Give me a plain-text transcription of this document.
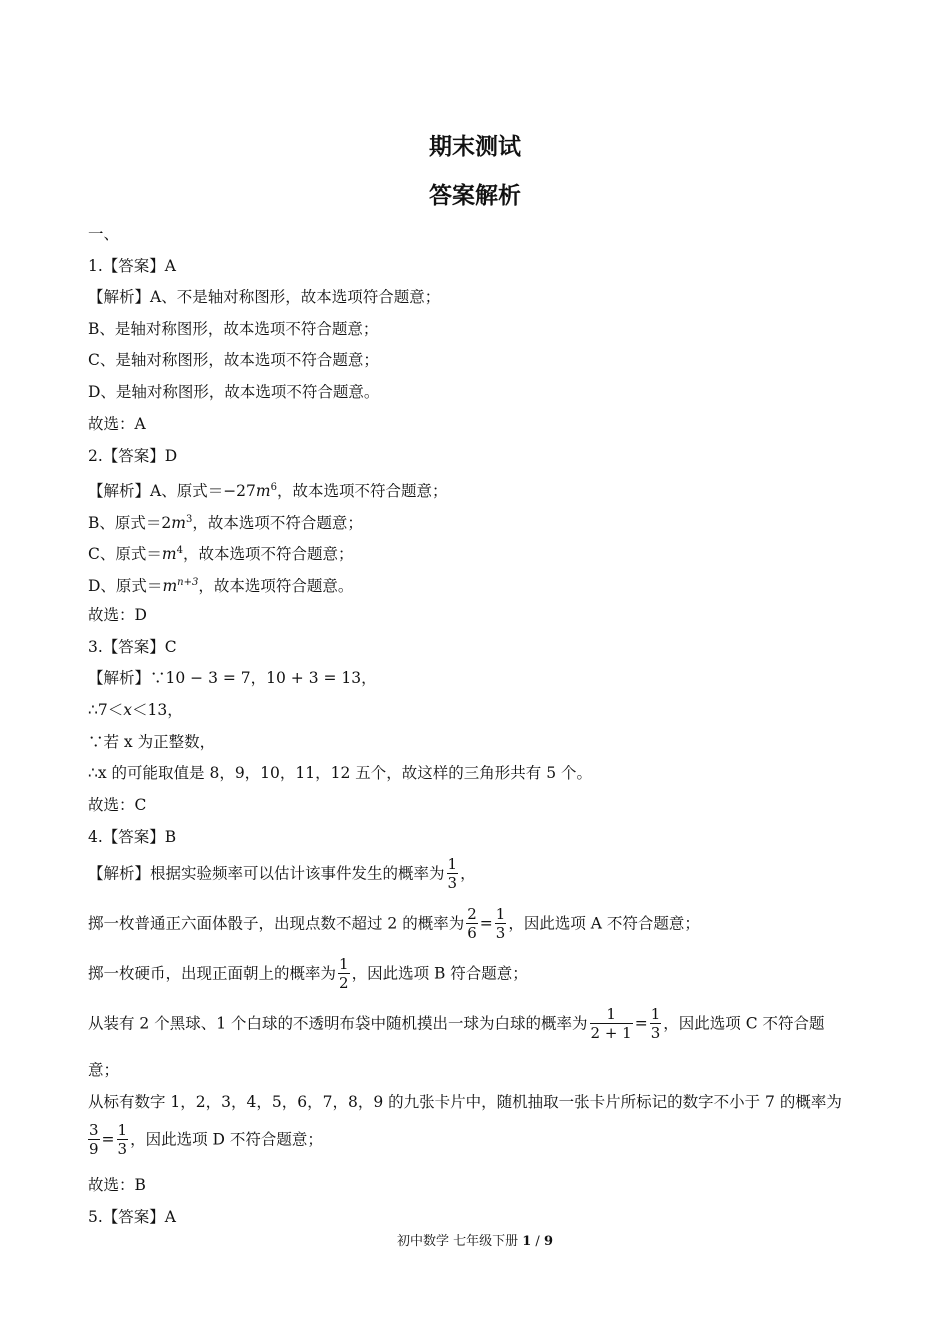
期末测试
答案解析
一、
1.【答案】A
【解析】A、不是轴对称图形，故本选项符合题意；
B、是轴对称图形，故本选项不符合题意；
C、是轴对称图形，故本选项不符合题意；
D、是轴对称图形，故本选项不符合题意。
故选：A
2.【答案】D
【解析】A、原式$=-27m^6$，故本选项不符合题意；
B、原式$=2m^3$，故本选项不符合题意；
C、原式$=m^4$，故本选项不符合题意；
D、原式$=m^{n+3}$，故本选项符合题意。
故选：D
3.【答案】C
【解析】∵10 − 3 = 7，10 + 3 = 13，
∴7＜x＜13，
∵若 x 为正整数，
∴x 的可能取值是 8，9，10，11，12 五个，故这样的三角形共有 5 个。
故选：C
4.【答案】B
【解析】根据实验频率可以估计该事件发生的概率为 $\frac{1}{3}$ ，
掷一枚普通正六面体骰子，出现点数不超过 2 的概率为 $\frac{2}{6} = \frac{1}{3}$ ，因此选项 A 不符合题意；
掷一枚硬币，出现正面朝上的概率为 $\frac{1}{2}$ ，因此选项 B 符合题意；
从装有 2 个黑球、1 个白球的不透明布袋中随机摸出一球为白球的概率为 $\frac{1}{2 + 1} = \frac{1}{3}$ ，因此选项 C 不符合题
意；
从标有数字 1，2，3，4，5，6，7，8，9 的九张卡片中，随机抽取一张卡片所标记的数字不小于 7 的概率为
$\frac{3}{9} = \frac{1}{3}$ ，因此选项 D 不符合题意；
故选：B
5.【答案】A
初中数学 七年级下册 1 / 9
